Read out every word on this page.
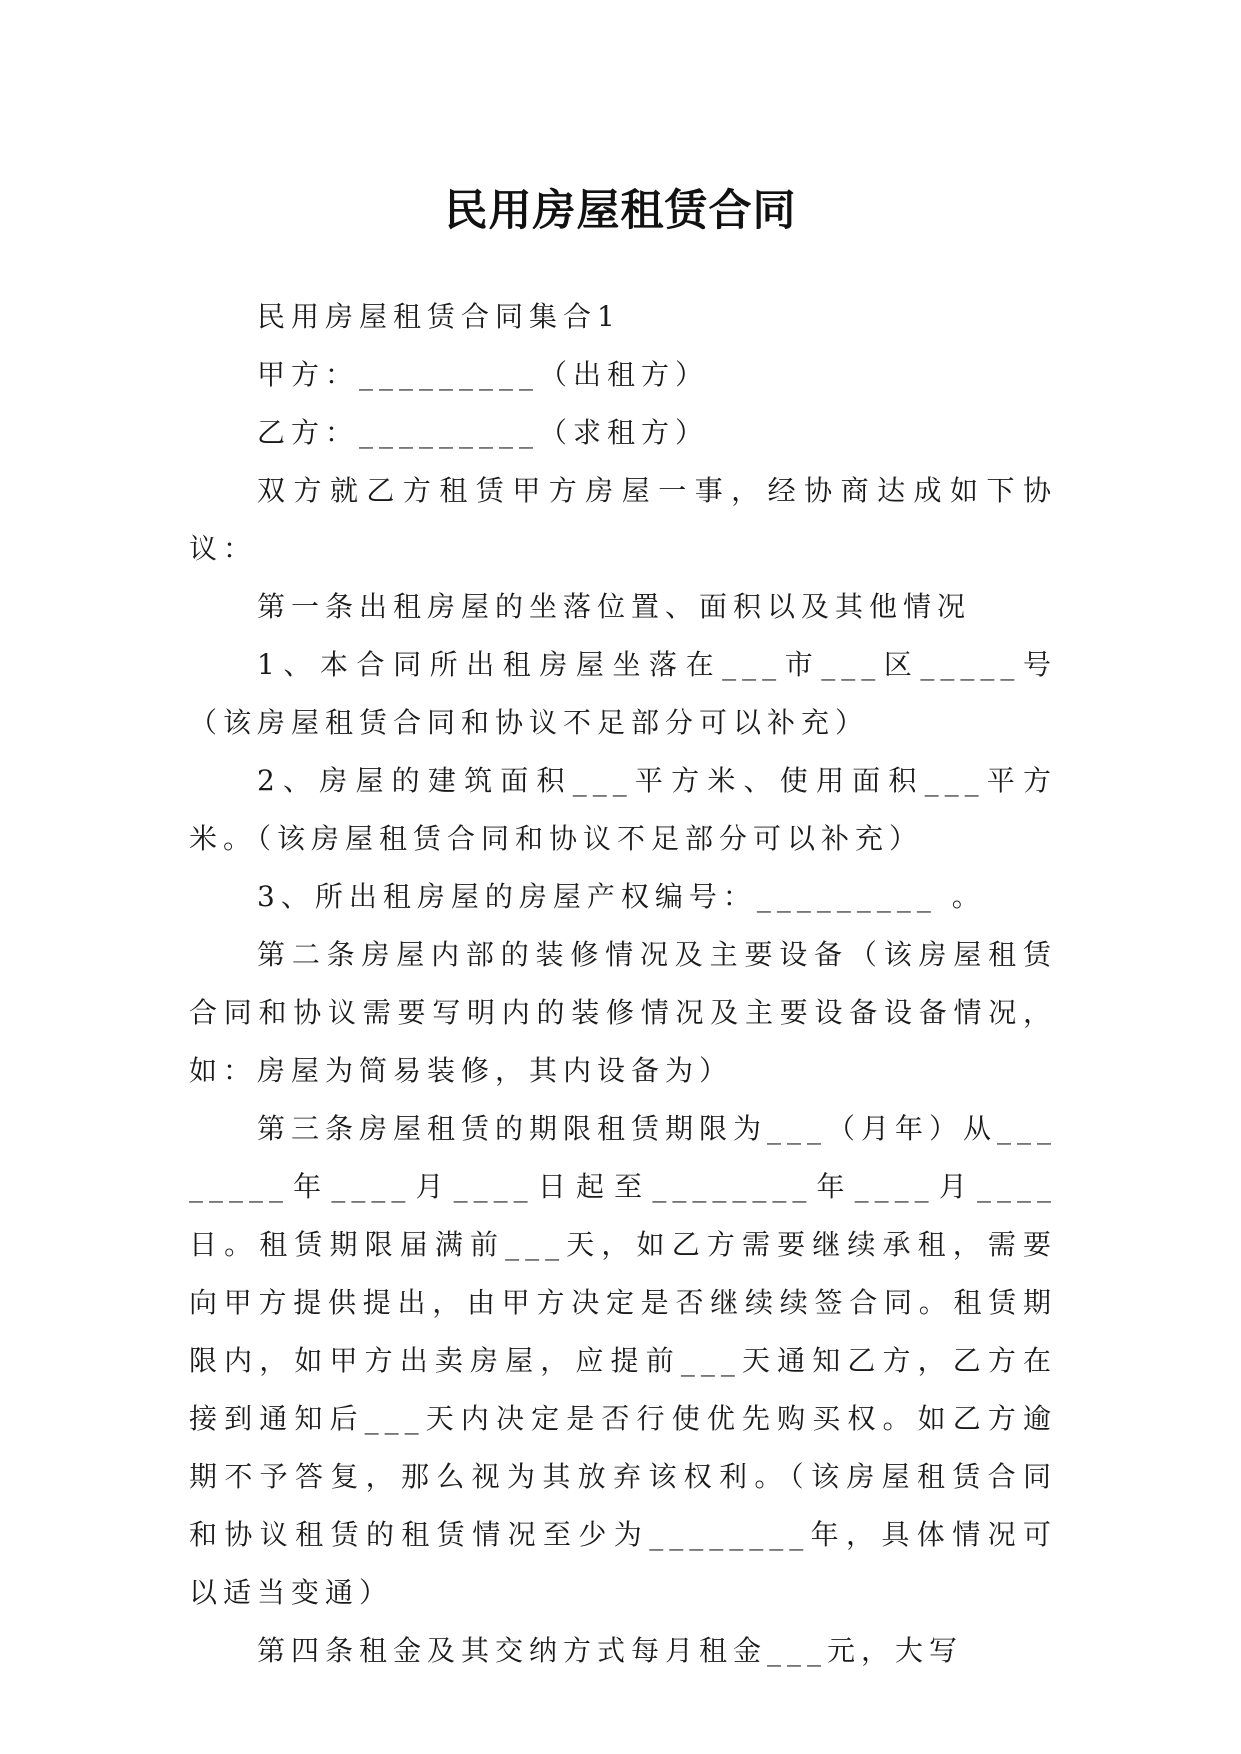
民用房屋租赁合同

民用房屋租赁合同集合1

甲方：_________（出租方）

乙方：_________（求租方）

双方就乙方租赁甲方房屋一事，经协商达成如下协议：

第一条出租房屋的坐落位置、面积以及其他情况

1、本合同所出租房屋坐落在___市___区_____号（该房屋租赁合同和协议不足部分可以补充）

2、房屋的建筑面积___平方米、使用面积___平方米。（该房屋租赁合同和协议不足部分可以补充）

3、所出租房屋的房屋产权编号：_________ 。

第二条房屋内部的装修情况及主要设备（该房屋租赁合同和协议需要写明内的装修情况及主要设备设备情况，如：房屋为简易装修，其内设备为）

第三条房屋租赁的期限租赁期限为___（月年）从________年____月____日起至________年____月____日。租赁期限届满前___天，如乙方需要继续承租，需要向甲方提供提出，由甲方决定是否继续续签合同。租赁期限内，如甲方出卖房屋，应提前___天通知乙方，乙方在接到通知后___天内决定是否行使优先购买权。如乙方逾期不予答复，那么视为其放弃该权利。（该房屋租赁合同和协议租赁的租赁情况至少为________年，具体情况可以适当变通）

第四条租金及其交纳方式每月租金___元，大写
